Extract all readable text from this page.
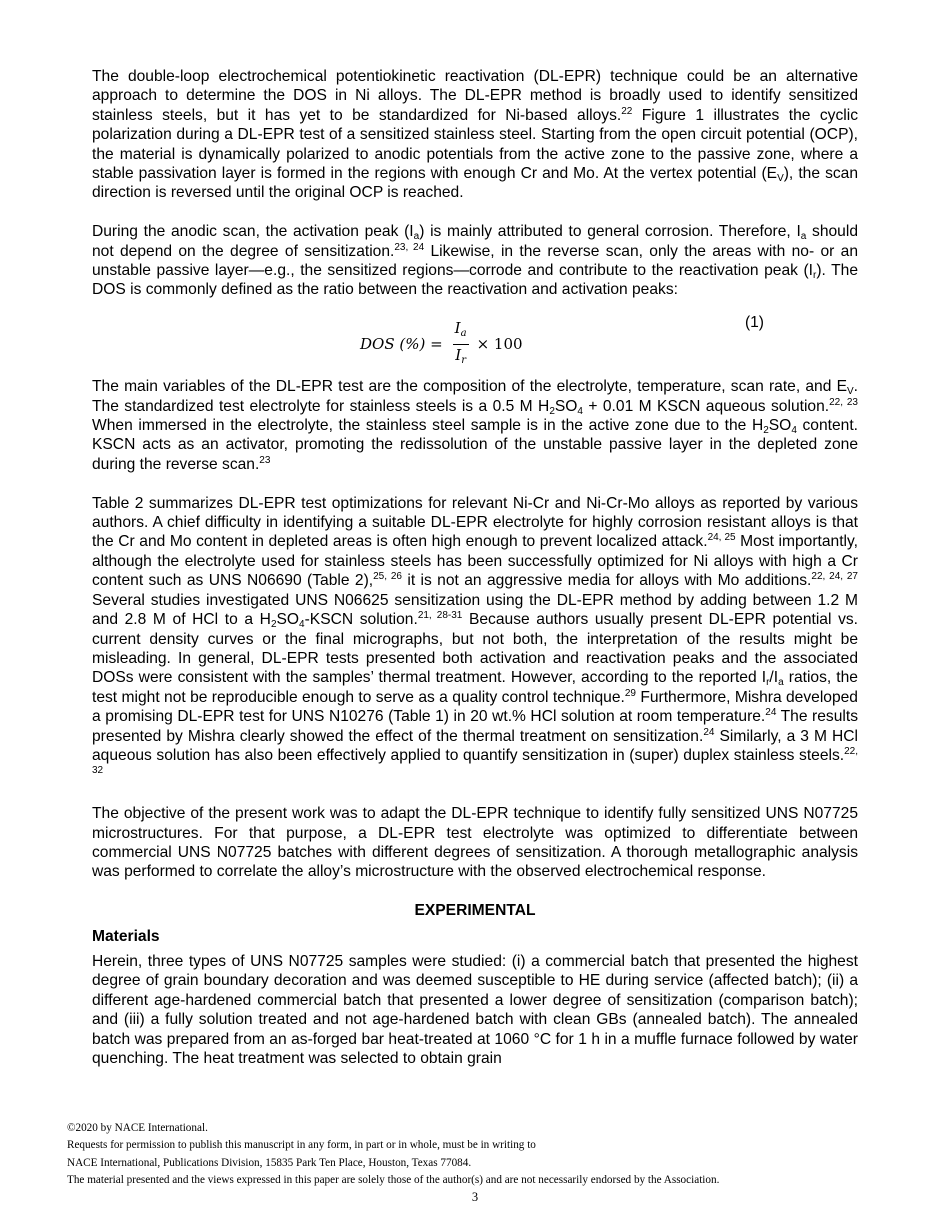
The double-loop electrochemical potentiokinetic reactivation (DL-EPR) technique could be an alternative approach to determine the DOS in Ni alloys. The DL-EPR method is broadly used to identify sensitized stainless steels, but it has yet to be standardized for Ni-based alloys.$^{22}$ Figure 1 illustrates the cyclic polarization during a DL-EPR test of a sensitized stainless steel. Starting from the open circuit potential (OCP), the material is dynamically polarized to anodic potentials from the active zone to the passive zone, where a stable passivation layer is formed in the regions with enough Cr and Mo. At the vertex potential $(E_V)$, the scan direction is reversed until the original OCP is reached.

During the anodic scan, the activation peak $(I_a)$ is mainly attributed to general corrosion. Therefore, $I_a$ should not depend on the degree of sensitization.$^{23, 24}$ Likewise, in the reverse scan, only the areas with no- or an unstable passive layer—e.g., the sensitized regions—corrode and contribute to the reactivation peak $(I_r)$. The DOS is commonly defined as the ratio between the reactivation and activation peaks:

DOS (%) = $\frac{I_a}{I_r} \times 100$
(1)

The main variables of the DL-EPR test are the composition of the electrolyte, temperature, scan rate, and $E_V$. The standardized test electrolyte for stainless steels is a 0.5 M $H_2SO_4 + 0.01$ M KSCN aqueous solution.$^{22, 23}$ When immersed in the electrolyte, the stainless steel sample is in the active zone due to the $H_2SO_4$ content. KSCN acts as an activator, promoting the redissolution of the unstable passive layer in the depleted zone during the reverse scan.$^{23}$

Table 2 summarizes DL-EPR test optimizations for relevant Ni-Cr and Ni-Cr-Mo alloys as reported by various authors. A chief difficulty in identifying a suitable DL-EPR electrolyte for highly corrosion resistant alloys is that the Cr and Mo content in depleted areas is often high enough to prevent localized attack.$^{24, 25}$ Most importantly, although the electrolyte used for stainless steels has been successfully optimized for Ni alloys with high a Cr content such as UNS N06690 (Table 2),$^{25, 26}$ it is not an aggressive media for alloys with Mo additions.$^{22, 24, 27}$ Several studies investigated UNS N06625 sensitization using the DL-EPR method by adding between 1.2 M and 2.8 M of HCl to a $H_2SO_4$-KSCN solution.$^{21, 28-31}$ Because authors usually present DL-EPR potential vs. current density curves or the final micrographs, but not both, the interpretation of the results might be misleading. In general, DL-EPR tests presented both activation and reactivation peaks and the associated DOSs were consistent with the samples’ thermal treatment. However, according to the reported $I_r/I_a$ ratios, the test might not be reproducible enough to serve as a quality control technique.$^{29}$ Furthermore, Mishra developed a promising DL-EPR test for UNS N10276 (Table 1) in 20 wt.% HCl solution at room temperature.$^{24}$ The results presented by Mishra clearly showed the effect of the thermal treatment on sensitization.$^{24}$ Similarly, a 3 M HCl aqueous solution has also been effectively applied to quantify sensitization in (super) duplex stainless steels.$^{22, 32}$

The objective of the present work was to adapt the DL-EPR technique to identify fully sensitized UNS N07725 microstructures. For that purpose, a DL-EPR test electrolyte was optimized to differentiate between commercial UNS N07725 batches with different degrees of sensitization. A thorough metallographic analysis was performed to correlate the alloy’s microstructure with the observed electrochemical response.

EXPERIMENTAL
Materials

Herein, three types of UNS N07725 samples were studied: (i) a commercial batch that presented the highest degree of grain boundary decoration and was deemed susceptible to HE during service (affected batch); (ii) a different age-hardened commercial batch that presented a lower degree of sensitization (comparison batch); and (iii) a fully solution treated and not age-hardened batch with clean GBs (annealed batch). The annealed batch was prepared from an as-forged bar heat-treated at 1060 °C for 1 h in a muffle furnace followed by water quenching. The heat treatment was selected to obtain grain

©2020 by NACE International.
Requests for permission to publish this manuscript in any form, in part or in whole, must be in writing to
NACE International, Publications Division, 15835 Park Ten Place, Houston, Texas 77084.
The material presented and the views expressed in this paper are solely those of the author(s) and are not necessarily endorsed by the Association.
3
